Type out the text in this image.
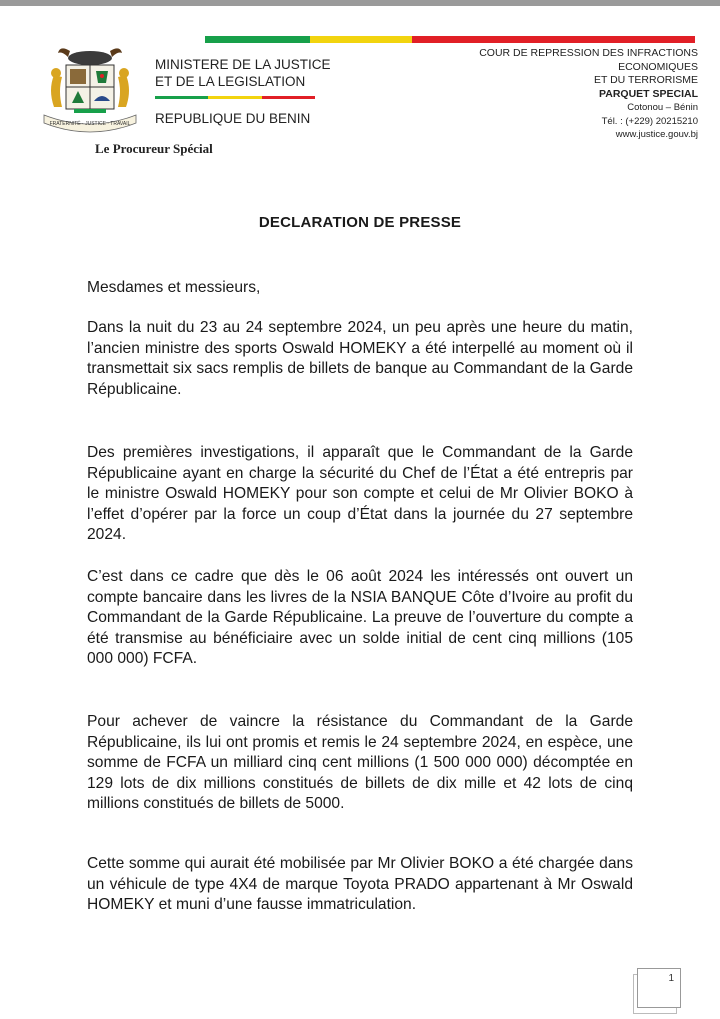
FRATERNITÉ · JUSTICE · TRAVAIL
MINISTERE DE LA JUSTICE
ET DE LA LEGISLATION
REPUBLIQUE DU BENIN
COUR DE REPRESSION DES INFRACTIONS ECONOMIQUES
ET DU TERRORISME
PARQUET SPECIAL
Cotonou – Bénin
Tél. : (+229) 20215210
www.justice.gouv.bj
Le Procureur Spécial
DECLARATION DE PRESSE
Mesdames et messieurs,
Dans la nuit du 23 au 24 septembre 2024, un peu après une heure du matin, l’ancien ministre des sports Oswald HOMEKY a été interpellé au moment où il transmettait six sacs remplis de billets de banque au Commandant de la Garde Républicaine.
Des premières investigations, il apparaît que le Commandant de la Garde Républicaine ayant en charge la sécurité du Chef de l’État a été entrepris par le ministre Oswald HOMEKY pour son compte et celui de Mr Olivier BOKO à l’effet d’opérer par la force un coup d’État dans la journée du 27 septembre 2024.
C’est dans ce cadre que dès le 06 août 2024 les intéressés ont ouvert un compte bancaire dans les livres de la NSIA BANQUE Côte d’Ivoire au profit du Commandant de la Garde Républicaine. La preuve de l’ouverture du compte a été transmise au bénéficiaire avec un solde initial de cent cinq millions (105 000 000) FCFA.
Pour achever de vaincre la résistance du Commandant de la Garde Républicaine, ils lui ont promis et remis le 24 septembre 2024, en espèce, une somme de FCFA un milliard cinq cent millions (1 500 000 000) décomptée en 129 lots de dix millions constitués de billets de dix mille et 42 lots de cinq millions constitués de billets de 5000.
Cette somme qui aurait été mobilisée par Mr Olivier BOKO a été chargée dans un véhicule de type 4X4 de marque Toyota PRADO appartenant à Mr Oswald HOMEKY et muni d’une fausse immatriculation.
1
